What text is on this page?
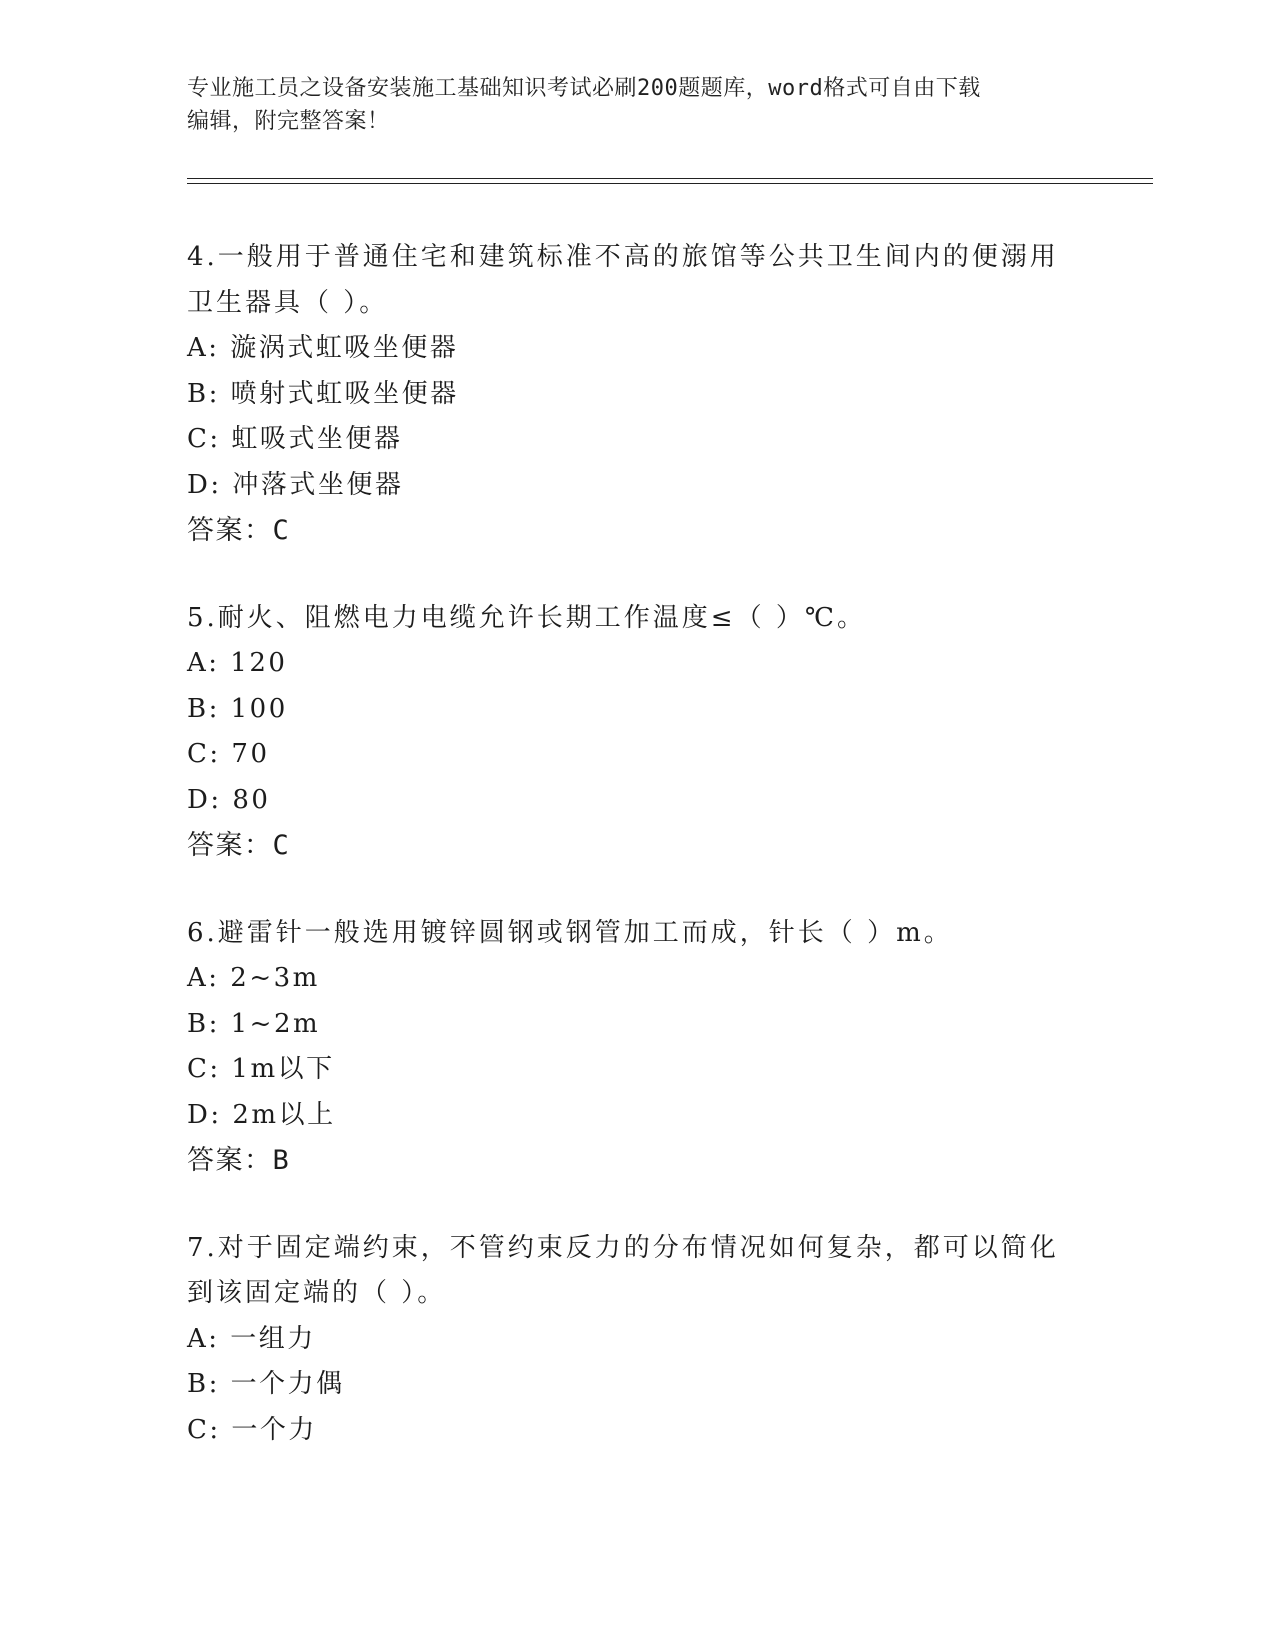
专业施工员之设备安装施工基础知识考试必刷200题题库，word格式可自由下载

编辑，附完整答案！

4.一般用于普通住宅和建筑标准不高的旅馆等公共卫生间内的便溺用

卫生器具（ ）。

A: 漩涡式虹吸坐便器

B: 喷射式虹吸坐便器

C: 虹吸式坐便器

D: 冲落式坐便器

答案：C

5.耐火、阻燃电力电缆允许长期工作温度≤（ ）℃。

A: 120

B: 100

C: 70

D: 80

答案：C

6.避雷针一般选用镀锌圆钢或钢管加工而成，针长（ ）m。

A: 2~3m

B: 1~2m

C: 1m以下

D: 2m以上

答案：B

7.对于固定端约束，不管约束反力的分布情况如何复杂，都可以简化

到该固定端的（ ）。

A: 一组力

B: 一个力偶

C: 一个力
